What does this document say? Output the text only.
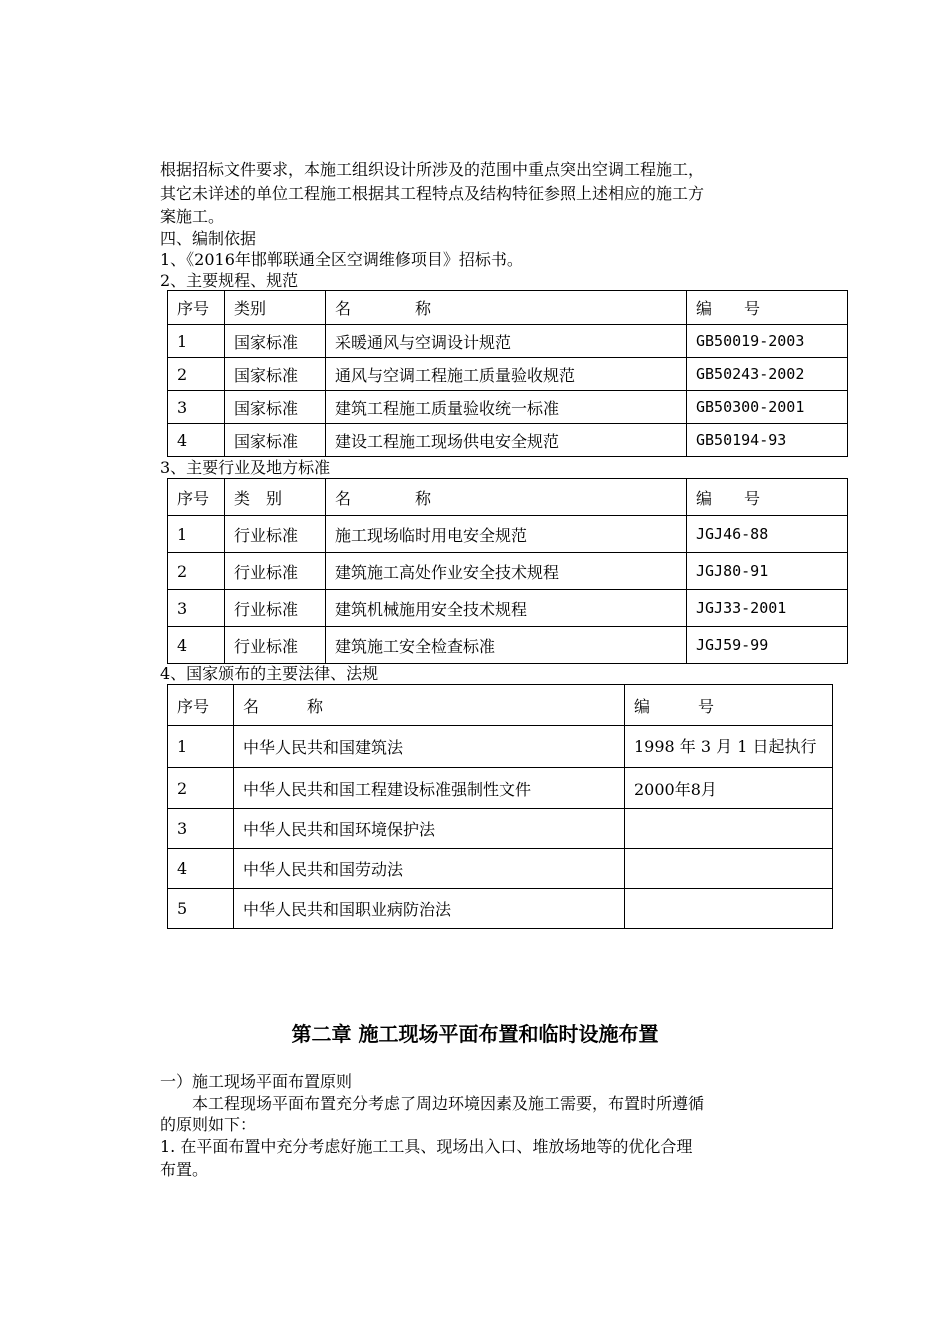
根据招标文件要求，本施工组织设计所涉及的范围中重点突出空调工程施工，
其它未详述的单位工程施工根据其工程特点及结构特征参照上述相应的施工方
案施工。
四、编制依据
1、《2016年邯郸联通全区空调维修项目》招标书。
2、主要规程、规范
序号	类别	名　　　　称	编　　号
1	国家标准	采暖通风与空调设计规范	GB50019-2003
2	国家标准	通风与空调工程施工质量验收规范	GB50243-2002
3	国家标准	建筑工程施工质量验收统一标准	GB50300-2001
4	国家标准	建设工程施工现场供电安全规范	GB50194-93
3、主要行业及地方标准
序号	类　别	名　　　　称	编　　号
1	行业标准	施工现场临时用电安全规范	JGJ46-88
2	行业标准	建筑施工高处作业安全技术规程	JGJ80-91
3	行业标准	建筑机械施用安全技术规程	JGJ33-2001
4	行业标准	建筑施工安全检查标准	JGJ59-99
4、国家颁布的主要法律、法规
序号	名　　　称	编　　　号
1	中华人民共和国建筑法	1998 年 3 月 1 日起执行
2	中华人民共和国工程建设标准强制性文件	2000年8月
3	中华人民共和国环境保护法	
4	中华人民共和国劳动法	
5	中华人民共和国职业病防治法	
第二章 施工现场平面布置和临时设施布置
一）施工现场平面布置原则
　　本工程现场平面布置充分考虑了周边环境因素及施工需要，布置时所遵循
的原则如下：
1. 在平面布置中充分考虑好施工工具、现场出入口、堆放场地等的优化合理
布置。
